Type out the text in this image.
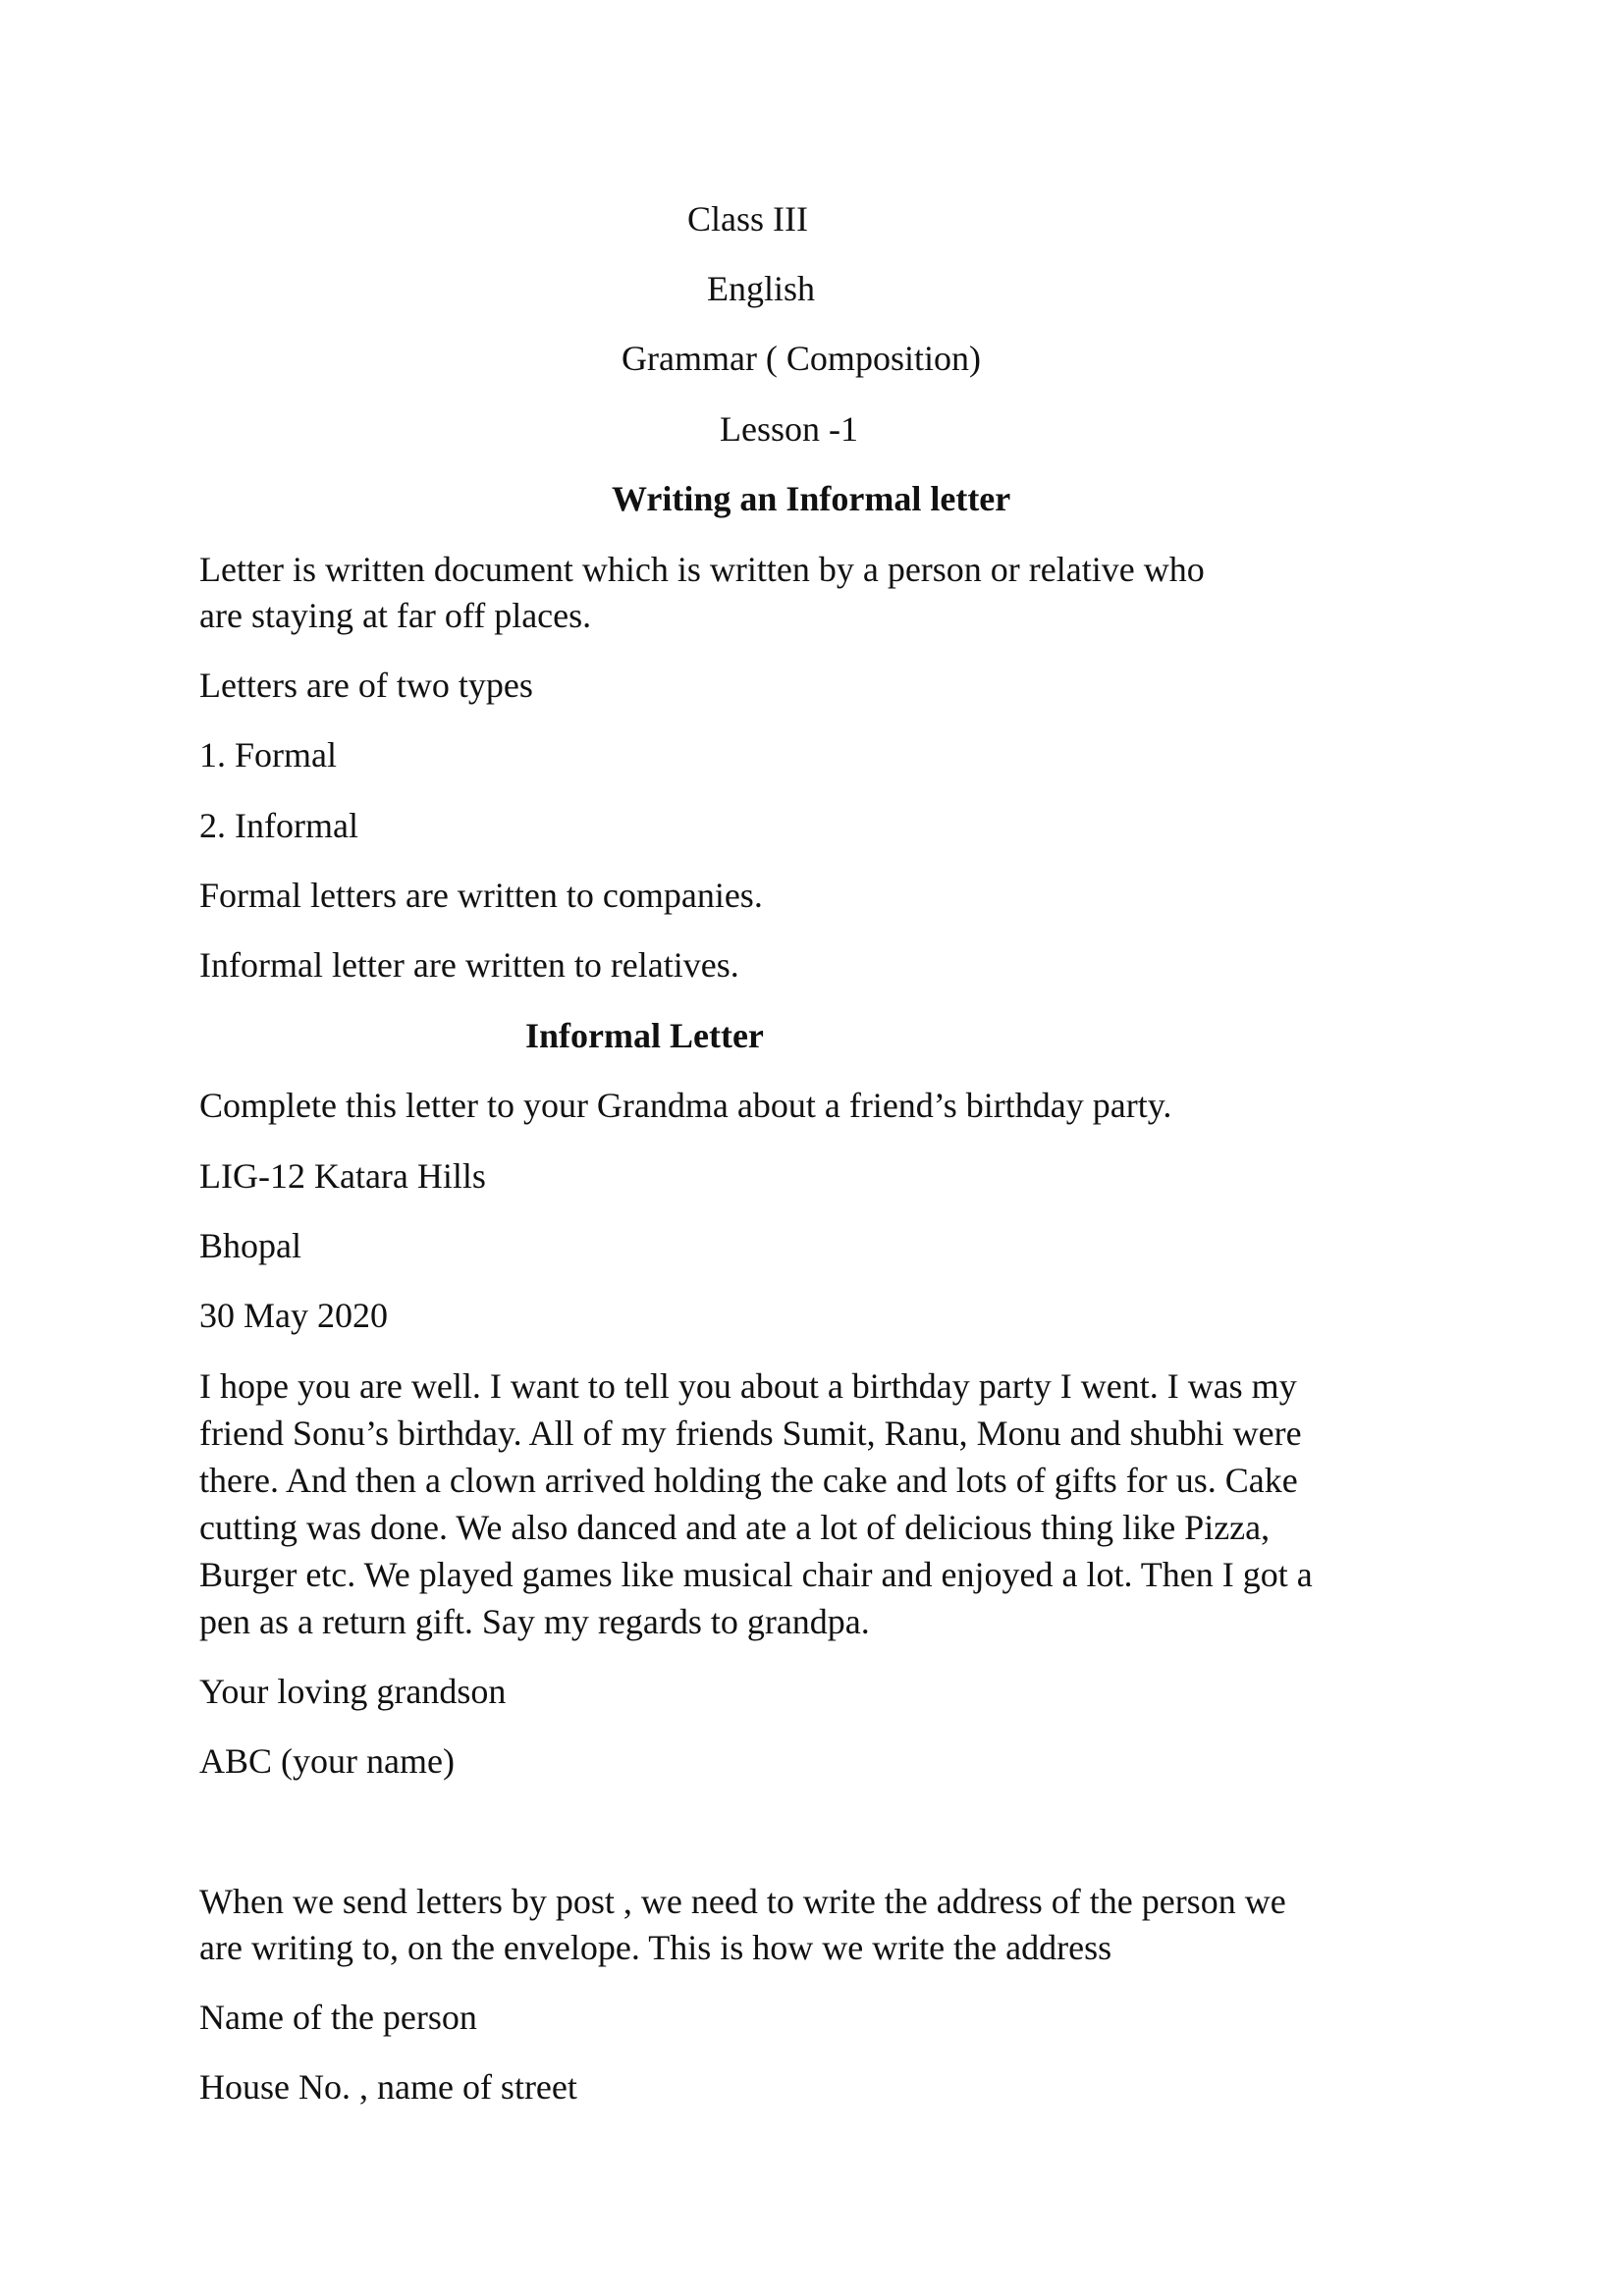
Class III
English
Grammar ( Composition)
Lesson -1
Writing an Informal letter
Letter is written document which is written by a person or relative who
are staying at far off places.
Letters are of two types
1. Formal
2. Informal
Formal letters are written to companies.
Informal letter are written to relatives.
Informal Letter
Complete this letter to your Grandma about a friend’s birthday party.
LIG-12 Katara Hills
Bhopal
30 May 2020
I hope you are well. I want to tell you about a birthday party I went. I was my
friend Sonu’s birthday. All of my friends Sumit, Ranu, Monu and shubhi were
there. And then a clown arrived holding the cake and lots of gifts for us. Cake
cutting was done. We also danced and ate a lot of delicious thing like Pizza,
Burger etc. We played games like musical chair and enjoyed a lot. Then I got a
pen as a return gift. Say my regards to grandpa.
Your loving grandson
ABC (your name)
When we send letters by post , we need to write the address of the person we
are writing to, on the envelope. This is how we write the address
Name of the person
House No. , name of street
